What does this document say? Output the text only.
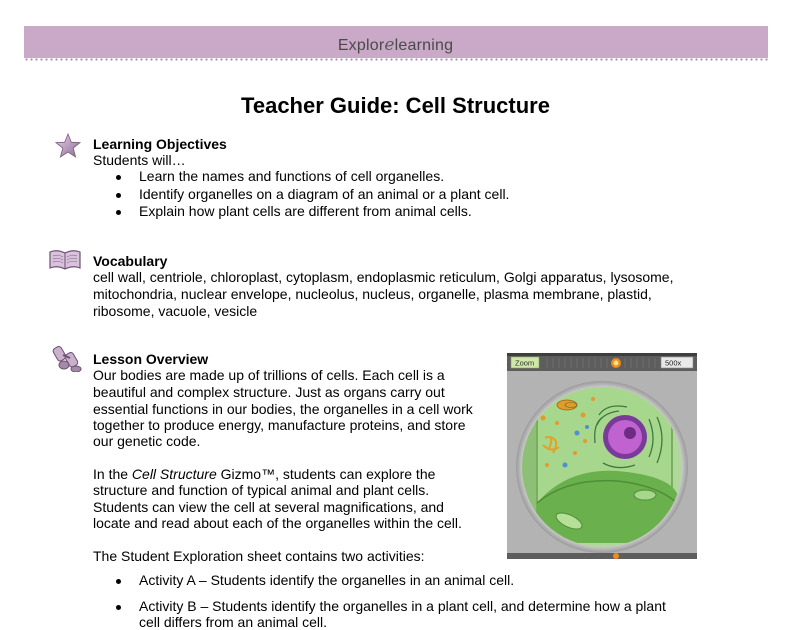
Explorelearning
Teacher Guide: Cell Structure
Learning Objectives
Students will…
Learn the names and functions of cell organelles.
Identify organelles on a diagram of an animal or a plant cell.
Explain how plant cells are different from animal cells.
Vocabulary
cell wall, centriole, chloroplast, cytoplasm, endoplasmic reticulum, Golgi apparatus, lysosome,
mitochondria, nuclear envelope, nucleolus, nucleus, organelle, plasma membrane, plastid,
ribosome, vacuole, vesicle
Lesson Overview
Our bodies are made up of trillions of cells. Each cell is a
beautiful and complex structure. Just as organs carry out
essential functions in our bodies, the organelles in a cell work
together to produce energy, manufacture proteins, and store
our genetic code.
In the Cell Structure Gizmo™, students can explore the
structure and function of typical animal and plant cells.
Students can view the cell at several magnifications, and
locate and read about each of the organelles within the cell.
The Student Exploration sheet contains two activities:
Activity A – Students identify the organelles in an animal cell.
Activity B – Students identify the organelles in a plant cell, and determine how a plant
cell differs from an animal cell.
Zoom	500x
